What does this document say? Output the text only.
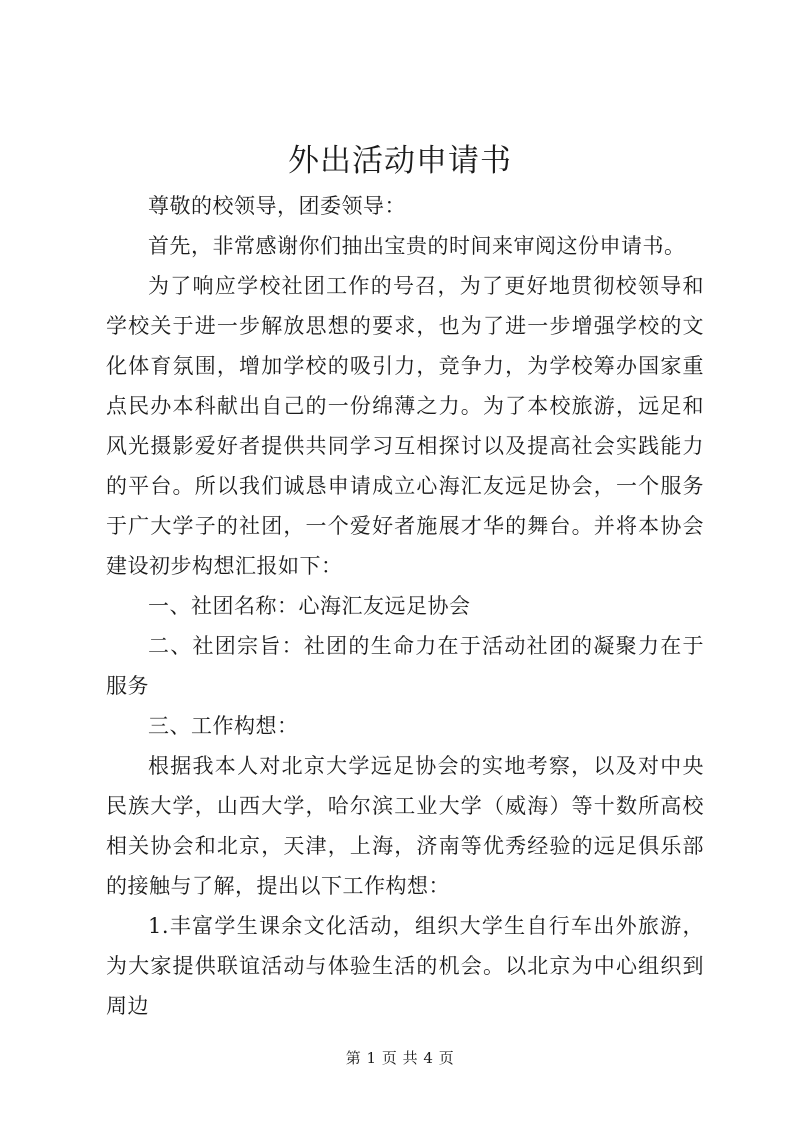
外出活动申请书

尊敬的校领导，团委领导：

首先，非常感谢你们抽出宝贵的时间来审阅这份申请书。

为了响应学校社团工作的号召，为了更好地贯彻校领导和学校关于进一步解放思想的要求，也为了进一步增强学校的文化体育氛围，增加学校的吸引力，竞争力，为学校筹办国家重点民办本科献出自己的一份绵薄之力。为了本校旅游，远足和风光摄影爱好者提供共同学习互相探讨以及提高社会实践能力的平台。所以我们诚恳申请成立心海汇友远足协会，一个服务于广大学子的社团，一个爱好者施展才华的舞台。并将本协会建设初步构想汇报如下：

一、社团名称：心海汇友远足协会

二、社团宗旨：社团的生命力在于活动社团的凝聚力在于服务

三、工作构想：

根据我本人对北京大学远足协会的实地考察，以及对中央民族大学，山西大学，哈尔滨工业大学（威海）等十数所高校相关协会和北京，天津，上海，济南等优秀经验的远足俱乐部的接触与了解，提出以下工作构想：

1.丰富学生课余文化活动，组织大学生自行车出外旅游，为大家提供联谊活动与体验生活的机会。以北京为中心组织到周边

第 1 页 共 4 页
